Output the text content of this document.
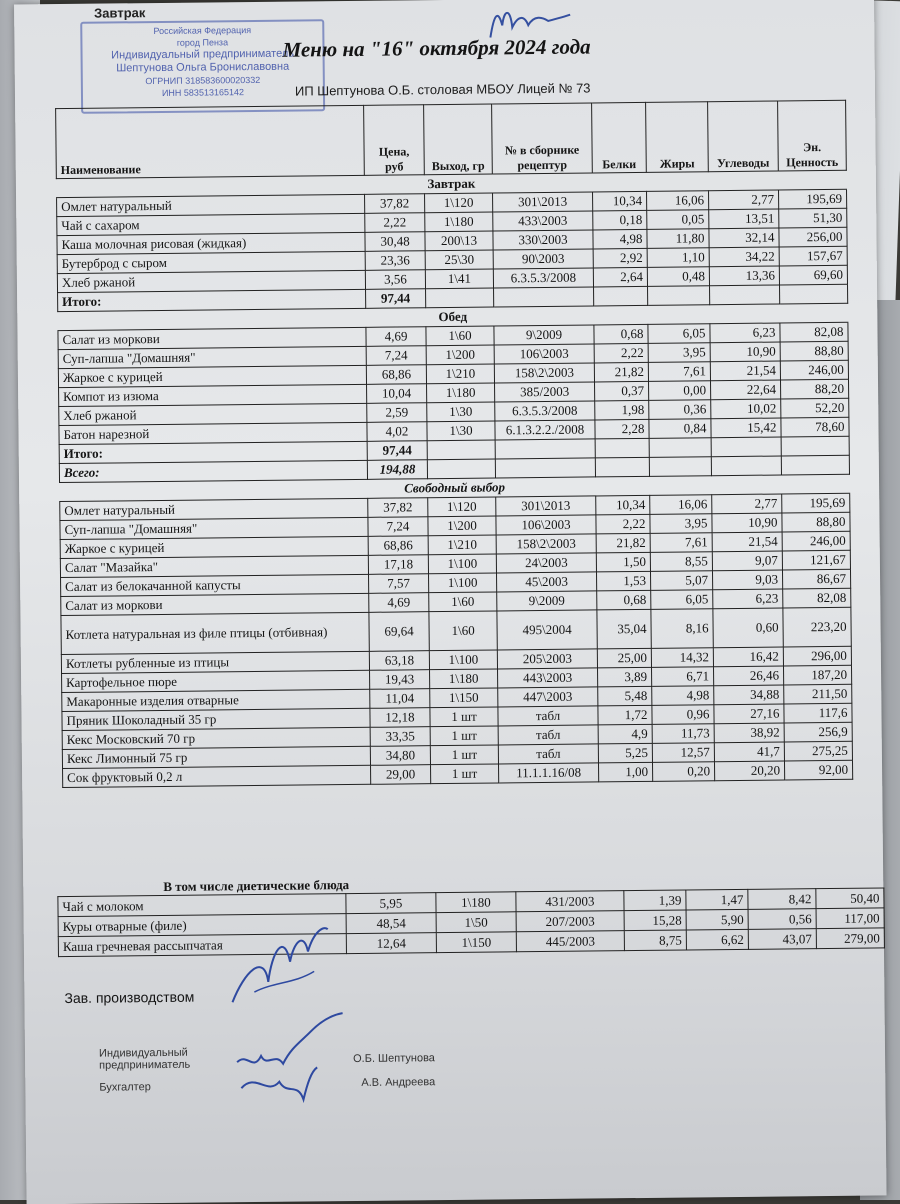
Завтрак
Российская Федерация
город Пенза
Индивидуальный предприниматель
Шептунова Ольга Брониславовна
ОГРНИП 318583600020332
ИНН 583513165142
Меню на "16" октября 2024 года
ИП Шептунова О.Б. столовая МБОУ Лицей № 73
Наименование	Цена, руб	Выход, гр	№ в сборнике рецептур	Белки	Жиры	Углеводы	Эн. Ценность
Завтрак							
Омлет натуральный	37,82	1\120	301\2013	10,34	16,06	2,77	195,69
Чай с сахаром	2,22	1\180	433\2003	0,18	0,05	13,51	51,30
Каша молочная рисовая (жидкая)	30,48	200\13	330\2003	4,98	11,80	32,14	256,00
Бутерброд с сыром	23,36	25\30	90\2003	2,92	1,10	34,22	157,67
Хлеб ржаной	3,56	1\41	6.3.5.3/2008	2,64	0,48	13,36	69,60
Итого:	97,44						
Обед							
Салат из моркови	4,69	1\60	9\2009	0,68	6,05	6,23	82,08
Суп-лапша "Домашняя"	7,24	1\200	106\2003	2,22	3,95	10,90	88,80
Жаркое с курицей	68,86	1\210	158\2\2003	21,82	7,61	21,54	246,00
Компот из изюма	10,04	1\180	385/2003	0,37	0,00	22,64	88,20
Хлеб ржаной	2,59	1\30	6.3.5.3/2008	1,98	0,36	10,02	52,20
Батон нарезной	4,02	1\30	6.1.3.2.2./2008	2,28	0,84	15,42	78,60
Итого:	97,44						
Всего:	194,88						
Свободный выбор							
Омлет натуральный	37,82	1\120	301\2013	10,34	16,06	2,77	195,69
Суп-лапша "Домашняя"	7,24	1\200	106\2003	2,22	3,95	10,90	88,80
Жаркое с курицей	68,86	1\210	158\2\2003	21,82	7,61	21,54	246,00
Салат "Мазайка"	17,18	1\100	24\2003	1,50	8,55	9,07	121,67
Салат из белокачанной капусты	7,57	1\100	45\2003	1,53	5,07	9,03	86,67
Салат из моркови	4,69	1\60	9\2009	0,68	6,05	6,23	82,08
Котлета натуральная из филе птицы (отбивная)	69,64	1\60	495\2004	35,04	8,16	0,60	223,20
Котлеты рубленные из птицы	63,18	1\100	205\2003	25,00	14,32	16,42	296,00
Картофельное пюре	19,43	1\180	443\2003	3,89	6,71	26,46	187,20
Макаронные изделия отварные	11,04	1\150	447\2003	5,48	4,98	34,88	211,50
Пряник Шоколадный 35 гр	12,18	1 шт	табл	1,72	0,96	27,16	117,6
Кекс Московский 70 гр	33,35	1 шт	табл	4,9	11,73	38,92	256,9
Кекс Лимонный 75 гр	34,80	1 шт	табл	5,25	12,57	41,7	275,25
Сок фруктовый 0,2 л	29,00	1 шт	11.1.1.16/08	1,00	0,20	20,20	92,00
В том числе диетические блюда
Чай с молоком	5,95	1\180	431/2003	1,39	1,47	8,42	50,40
Куры отварные (филе)	48,54	1\50	207/2003	15,28	5,90	0,56	117,00
Каша гречневая рассыпчатая	12,64	1\150	445/2003	8,75	6,62	43,07	279,00
Зав. производством
Индивидуальный
предприниматель
О.Б. Шептунова
Бухгалтер	А.В. Андреева
